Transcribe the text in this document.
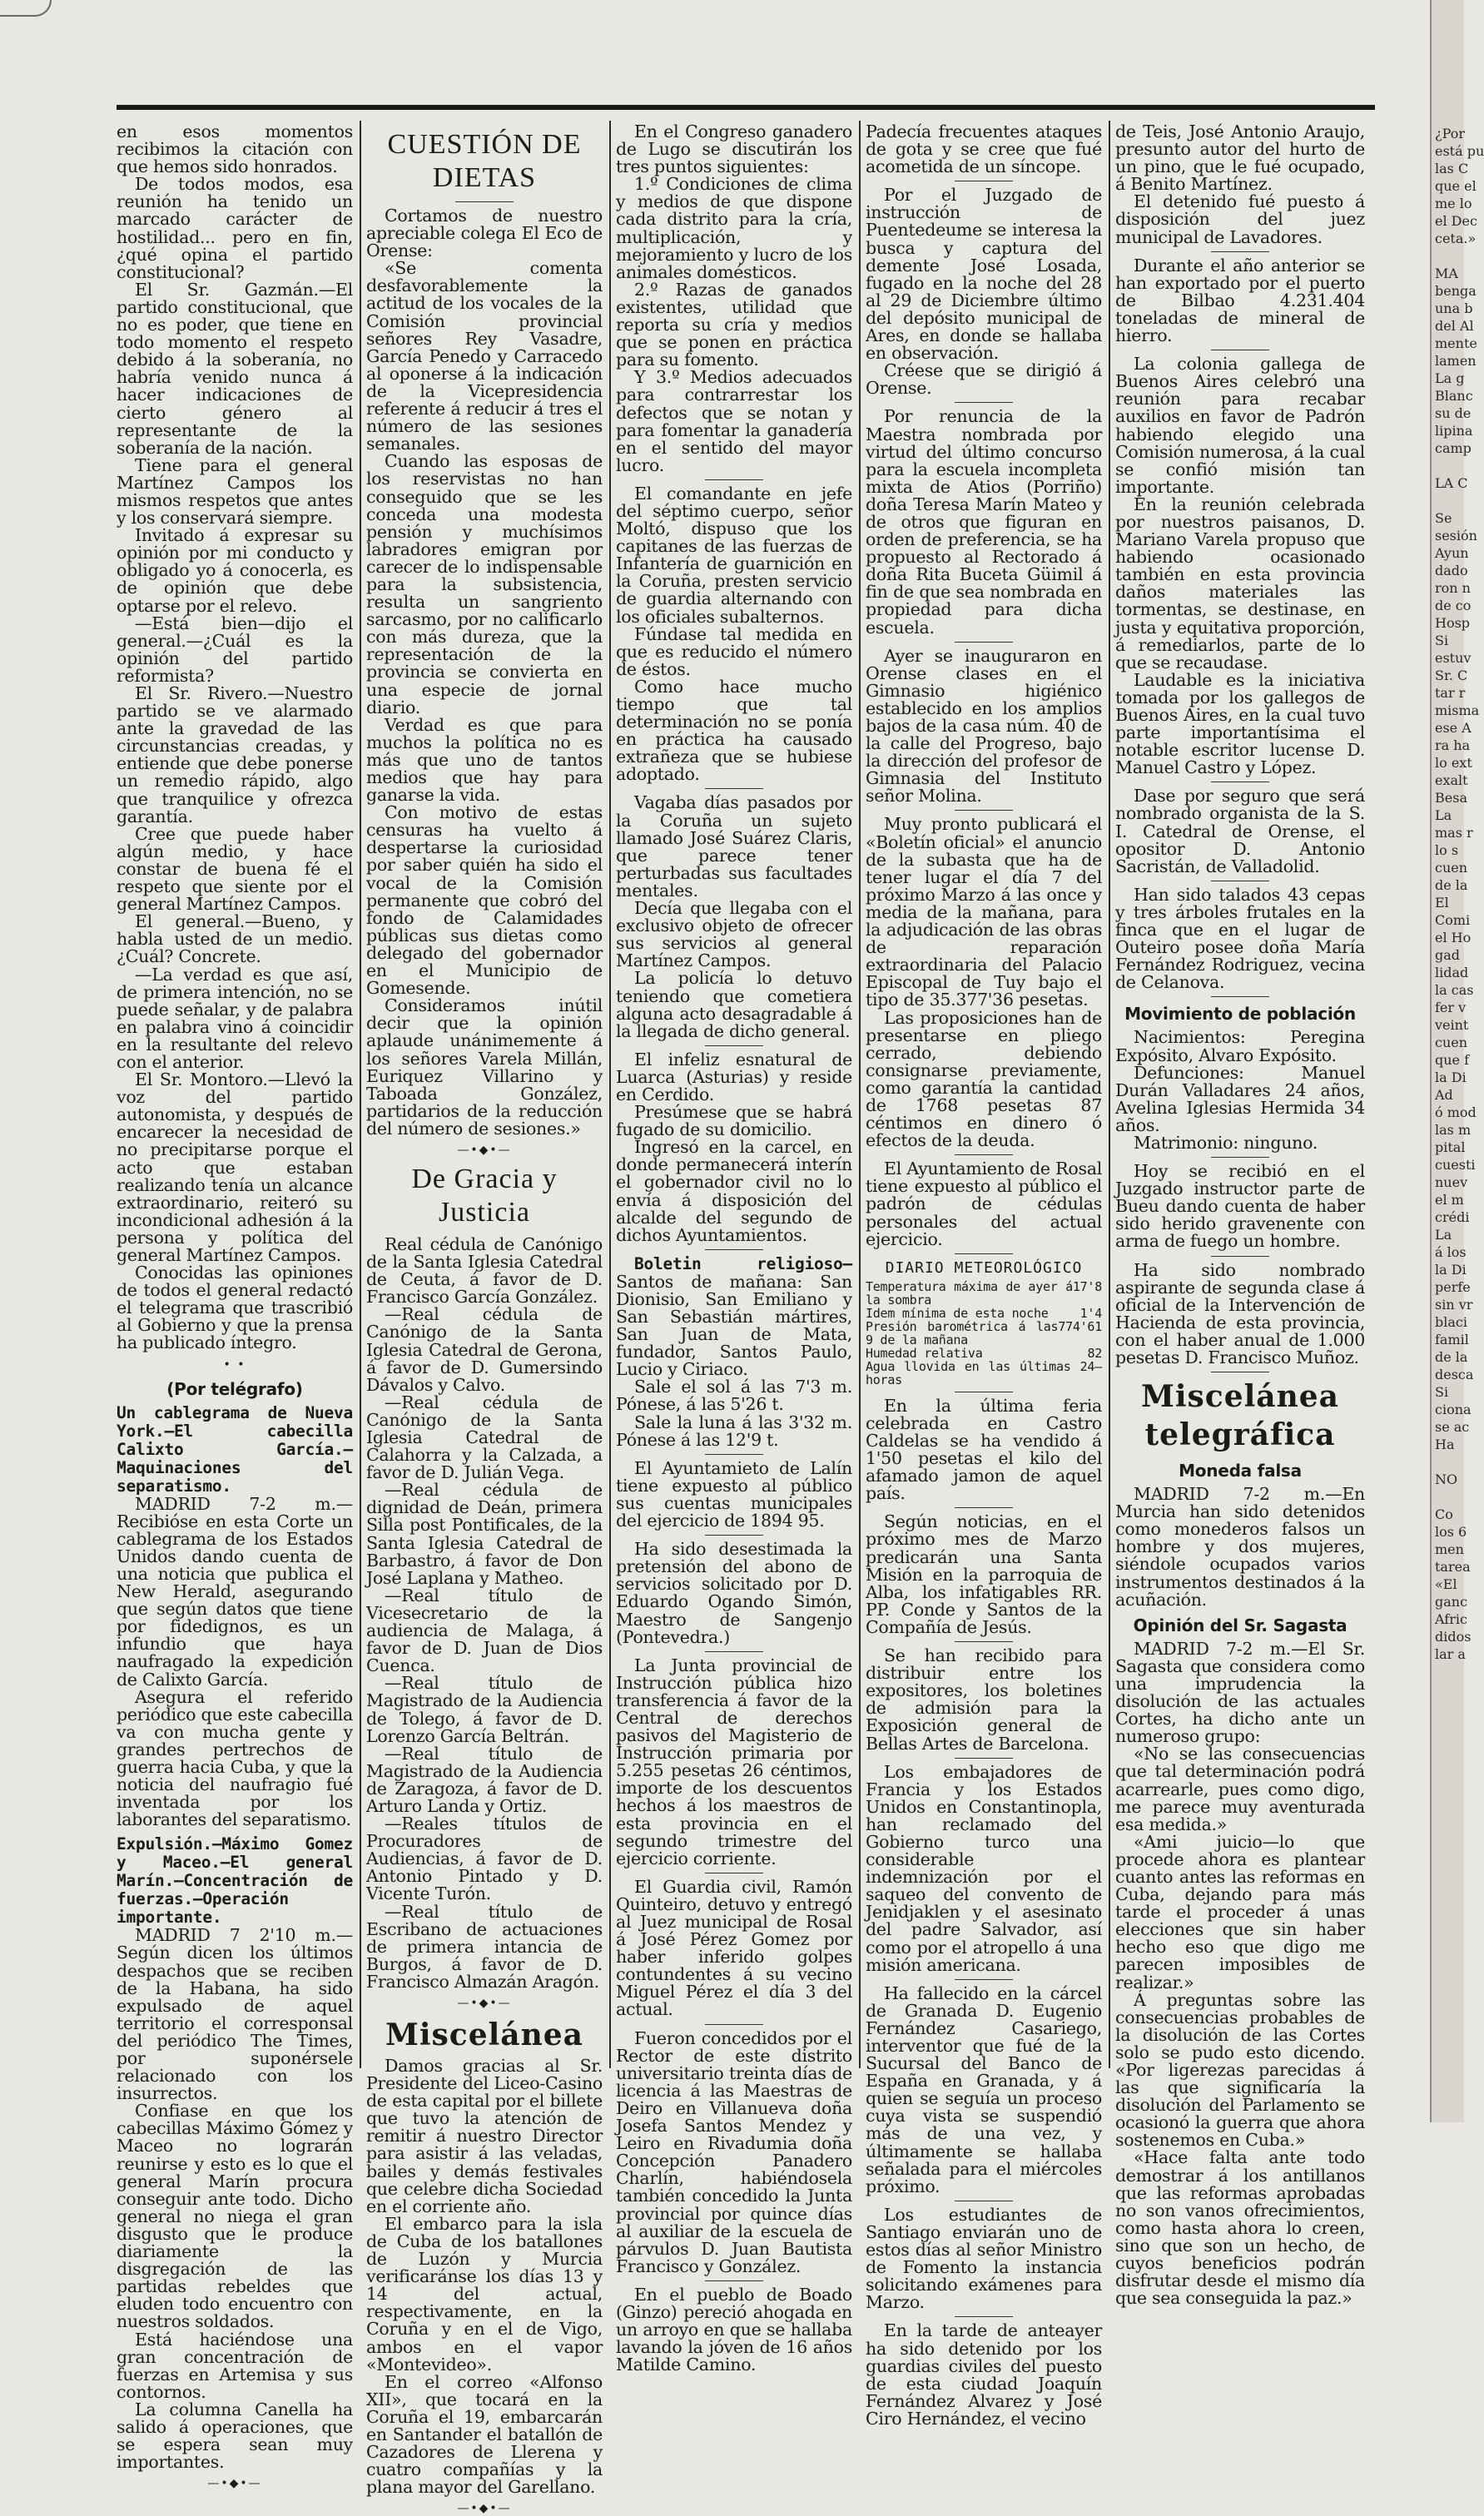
en esos momentos recibimos la citación con que hemos sido honrados.

De todos modos, esa reunión ha tenido un marcado carácter de hostilidad... pero en fin, ¿qué opina el partido constitucional?

El Sr. Gazmán.—El partido constitucional, que no es poder, que tiene en todo momento el respeto debido á la soberanía, no habría venido nunca á hacer indicaciones de cierto género al representante de la soberanía de la nación.

Tiene para el general Martínez Campos los mismos respetos que antes y los conservará siempre.

Invitado á expresar su opinión por mi conducto y obligado yo á conocerla, es de opinión que debe optarse por el relevo.

—Está bien—dijo el general.—¿Cuál es la opinión del partido reformista?

El Sr. Rivero.—Nuestro partido se ve alarmado ante la gravedad de las circunstancias creadas, y entiende que debe ponerse un remedio rápido, algo que tranquilice y ofrezca garantía.

Cree que puede haber algún medio, y hace constar de buena fé el respeto que siente por el general Martínez Campos.

El general.—Bueno, y habla usted de un medio. ¿Cuál? Concrete.

—La verdad es que así, de primera intención, no se puede señalar, y de palabra en palabra vino á coincidir en la resultante del relevo con el anterior.

El Sr. Montoro.—Llevó la voz del partido autonomista, y después de encarecer la necesidad de no precipitarse porque el acto que estaban realizando tenía un alcance extraordinario, reiteró su incondicional adhesión á la persona y política del general Martínez Campos.

Conocidas las opiniones de todos el general redactó el telegrama que trascribió al Gobierno y que la prensa ha publicado íntegro.

• •
(Por telégrafo)

Un cablegrama de Nueva York.—El cabecilla Calixto García.—Maquinaciones del separatismo.

MADRID 7-2 m.—Recibióse en esta Corte un cablegrama de los Estados Unidos dando cuenta de una noticia que publica el New Herald, asegurando que según datos que tiene por fidedignos, es un infundio que haya naufragado la expedición de Calixto García.

Asegura el referido periódico que este cabecilla va con mucha gente y grandes pertrechos de guerra hacia Cuba, y que la noticia del naufragio fué inventada por los laborantes del separatismo.

Expulsión.—Máximo Gomez y Maceo.—El general Marín.—Concentración de fuerzas.—Operación importante.

MADRID 7 2'10 m.—Según dicen los últimos despachos que se reciben de la Habana, ha sido expulsado de aquel territorio el corresponsal del periódico The Times, por suponérsele relacionado con los insurrectos.

Confiase en que los cabecillas Máximo Gómez y Maceo no lograrán reunirse y esto es lo que el general Marín procura conseguir ante todo. Dicho general no niega el gran disgusto que le produce diariamente la disgregación de las partidas rebeldes que eluden todo encuentro con nuestros soldados.

Está haciéndose una gran concentración de fuerzas en Artemisa y sus contornos.

La columna Canella ha salido á operaciones, que se espera sean muy importantes.

—•◆•—
CUESTIÓN DE DIETAS

Cortamos de nuestro apreciable colega El Eco de Orense:

«Se comenta desfavorablemente la actitud de los vocales de la Comisión provincial señores Rey Vasadre, García Penedo y Carracedo al oponerse á la indicación de la Vicepresidencia referente á reducir á tres el número de las sesiones semanales.

Cuando las esposas de los reservistas no han conseguido que se les conceda una modesta pensión y muchísimos labradores emigran por carecer de lo indispensable para la subsistencia, resulta un sangriento sarcasmo, por no calificarlo con más dureza, que la representación de la provincia se convierta en una especie de jornal diario.

Verdad es que para muchos la política no es más que uno de tantos medios que hay para ganarse la vida.

Con motivo de estas censuras ha vuelto á despertarse la curiosidad por saber quién ha sido el vocal de la Comisión permanente que cobró del fondo de Calamidades públicas sus dietas como delegado del gobernador en el Municipio de Gomesende.

Consideramos inútil decir que la opinión aplaude unánimemente á los señores Varela Millán, Euriquez Villarino y Taboada González, partidarios de la reducción del número de sesiones.»

—•◆•—
De Gracia y Justicia

Real cédula de Canónigo de la Santa Iglesia Catedral de Ceuta, á favor de D. Francisco García González.

—Real cédula de Canónigo de la Santa Iglesia Catedral de Gerona, á favor de D. Gumersindo Dávalos y Calvo.

—Real cédula de Canónigo de la Santa Iglesia Catedral de Calahorra y la Calzada, a favor de D. Julián Vega.

—Real cédula de dignidad de Deán, primera Silla post Pontificales, de la Santa Iglesia Catedral de Barbastro, á favor de Don José Laplana y Matheo.

—Real título de Vicesecretario de la audiencia de Malaga, á favor de D. Juan de Dios Cuenca.

—Real título de Magistrado de la Audiencia de Tolego, á favor de D. Lorenzo García Beltrán.

—Real título de Magistrado de la Audiencia de Zaragoza, á favor de D. Arturo Landa y Ortiz.

—Reales títulos de Procuradores de Audiencias, á favor de D. Antonio Pintado y D. Vicente Turón.

—Real título de Escribano de actuaciones de primera intancia de Burgos, á favor de D. Francisco Almazán Aragón.

—•◆•—
Miscelánea

Damos gracias al Sr. Presidente del Liceo-Casino de esta capital por el billete que tuvo la atención de remitir á nuestro Director para asistir á las veladas, bailes y demás festivales que celebre dicha Sociedad en el corriente año.

El embarco para la isla de Cuba de los batallones de Luzón y Murcia verificaránse los días 13 y 14 del actual, respectivamente, en la Coruña y en el de Vigo, ambos en el vapor «Montevideo».

En el correo «Alfonso XII», que tocará en la Coruña el 19, embarcarán en Santander el batallón de Cazadores de Llerena y cuatro compañías y la plana mayor del Garellano.

—•◆•—

En el Congreso ganadero de Lugo se discutirán los tres puntos siguientes:

1.º Condiciones de clima y medios de que dispone cada distrito para la cría, multiplicación, y mejoramiento y lucro de los animales domésticos.

2.º Razas de ganados existentes, utilidad que reporta su cría y medios que se ponen en práctica para su fomento.

Y 3.º Medios adecuados para contrarrestar los defectos que se notan y para fomentar la ganadería en el sentido del mayor lucro.

El comandante en jefe del séptimo cuerpo, señor Moltó, dispuso que los capitanes de las fuerzas de Infantería de guarnición en la Coruña, presten servicio de guardia alternando con los oficiales subalternos.

Fúndase tal medida en que es reducido el número de éstos.

Como hace mucho tiempo que tal determinación no se ponía en práctica ha causado extrañeza que se hubiese adoptado.

Vagaba días pasados por la Coruña un sujeto llamado José Suárez Claris, que parece tener perturbadas sus facultades mentales.

Decía que llegaba con el exclusivo objeto de ofrecer sus servicios al general Martínez Campos.

La policía lo detuvo teniendo que cometiera alguna acto desagradable á la llegada de dicho general.

El infeliz esnatural de Luarca (Asturias) y reside en Cerdido.

Presúmese que se habrá fugado de su domicilio.

Ingresó en la carcel, en donde permanecerá interín el gobernador civil no lo envía á disposición del alcalde del segundo de dichos Ayuntamientos.

Boletin religioso—Santos de mañana: San Dionisio, San Emiliano y San Sebastián mártires, San Juan de Mata, fundador, Santos Paulo, Lucio y Ciriaco.

Sale el sol á las 7'3 m. Pónese, á las 5'26 t.

Sale la luna á las 3'32 m. Pónese á las 12'9 t.

El Ayuntamieto de Lalín tiene expuesto al público sus cuentas municipales del ejercicio de 1894 95.

Ha sido desestimada la pretensión del abono de servicios solicitado por D. Eduardo Ogando Simón, Maestro de Sangenjo (Pontevedra.)

La Junta provincial de Instrucción pública hizo transferencia á favor de la Central de derechos pasivos del Magisterio de Instrucción primaria por 5.255 pesetas 26 céntimos, importe de los descuentos hechos á los maestros de esta provincia en el segundo trimestre del ejercicio corriente.

El Guardia civil, Ramón Quinteiro, detuvo y entregó al Juez municipal de Rosal á José Pérez Gomez por haber inferido golpes contundentes á su vecino Miguel Pérez el día 3 del actual.

Fueron concedidos por el Rector de este distrito universitario treinta días de licencia á las Maestras de Deiro en Villanueva doña Josefa Santos Mendez y Leiro en Rivadumia doña Concepción Panadero Charlín, habiéndosela también concedido la Junta provincial por quince días al auxiliar de la escuela de párvulos D. Juan Bautista Francisco y González.

En el pueblo de Boado (Ginzo) pereció ahogada en un arroyo en que se hallaba lavando la jóven de 16 años Matilde Camino.

Padecía frecuentes ataques de gota y se cree que fué acometida de un síncope.

Por el Juzgado de instrucción de Puentedeume se interesa la busca y captura del demente José Losada, fugado en la noche del 28 al 29 de Diciembre último del depósito municipal de Ares, en donde se hallaba en observación.

Créese que se dirigió á Orense.

Por renuncia de la Maestra nombrada por virtud del último concurso para la escuela incompleta mixta de Atios (Porriño) doña Teresa Marín Mateo y de otros que figuran en orden de preferencia, se ha propuesto al Rectorado á doña Rita Buceta Güimil á fin de que sea nombrada en propiedad para dicha escuela.

Ayer se inauguraron en Orense clases en el Gimnasio higiénico establecido en los amplios bajos de la casa núm. 40 de la calle del Progreso, bajo la dirección del profesor de Gimnasia del Instituto señor Molina.

Muy pronto publicará el «Boletín oficial» el anuncio de la subasta que ha de tener lugar el día 7 del próximo Marzo á las once y media de la mañana, para la adjudicación de las obras de reparación extraordinaria del Palacio Episcopal de Tuy bajo el tipo de 35.377'36 pesetas.

Las proposiciones han de presentarse en pliego cerrado, debiendo consignarse previamente, como garantía la cantidad de 1768 pesetas 87 céntimos en dinero ó efectos de la deuda.

El Ayuntamiento de Rosal tiene expuesto al público el padrón de cédulas personales del actual ejercicio.

DIARIO METEOROLÓGICO
Temperatura máxima de ayer á la sombra
17'8
Idem mínima de esta noche	1'4
Presión barométrica á las 9 de la mañana
774'61
Humedad relativa	82
Agua llovida en las últimas 24 horas
—

En la última feria celebrada en Castro Caldelas se ha vendido á 1'50 pesetas el kilo del afamado jamon de aquel país.

Según noticias, en el próximo mes de Marzo predicarán una Santa Misión en la parroquia de Alba, los infatigables RR. PP. Conde y Santos de la Compañía de Jesús.

Se han recibido para distribuir entre los expositores, los boletines de admisión para la Exposición general de Bellas Artes de Barcelona.

Los embajadores de Francia y los Estados Unidos en Constantinopla, han reclamado del Gobierno turco una considerable indemnización por el saqueo del convento de Jenidjaklen y el asesinato del padre Salvador, así como por el atropello á una misión americana.

Ha fallecido en la cárcel de Granada D. Eugenio Fernández Casariego, interventor que fué de la Sucursal del Banco de España en Granada, y á quien se seguía un proceso cuya vista se suspendió más de una vez, y últimamente se hallaba señalada para el miércoles próximo.

Los estudiantes de Santiago enviarán uno de estos días al señor Ministro de Fomento la instancia solicitando exámenes para Marzo.

En la tarde de anteayer ha sido detenido por los guardias civiles del puesto de esta ciudad Joaquín Fernández Alvarez y José Ciro Hernández, el vecino

de Teis, José Antonio Araujo, presunto autor del hurto de un pino, que le fué ocupado, á Benito Martínez.

El detenido fué puesto á disposición del juez municipal de Lavadores.

Durante el año anterior se han exportado por el puerto de Bilbao 4.231.404 toneladas de mineral de hierro.

La colonia gallega de Buenos Aires celebró una reunión para recabar auxilios en favor de Padrón habiendo elegido una Comisión numerosa, á la cual se confió misión tan importante.

En la reunión celebrada por nuestros paisanos, D. Mariano Varela propuso que habiendo ocasionado también en esta provincia daños materiales las tormentas, se destinase, en justa y equitativa proporción, á remediarlos, parte de lo que se recaudase.

Laudable es la iniciativa tomada por los gallegos de Buenos Aires, en la cual tuvo parte importantísima el notable escritor lucense D. Manuel Castro y López.

Dase por seguro que será nombrado organista de la S. I. Catedral de Orense, el opositor D. Antonio Sacristán, de Valladolid.

Han sido talados 43 cepas y tres árboles frutales en la finca que en el lugar de Outeiro posee doña María Fernández Rodriguez, vecina de Celanova.

Movimiento de población

Nacimientos: Peregina Expósito, Alvaro Expósito.

Defunciones: Manuel Durán Valladares 24 años, Avelina Iglesias Hermida 34 años.

Matrimonio: ninguno.

Hoy se recibió en el Juzgado instructor parte de Bueu dando cuenta de haber sido herido gravenente con arma de fuego un hombre.

Ha sido nombrado aspirante de segunda clase á oficial de la Intervención de Hacienda de esta provincia, con el haber anual de 1.000 pesetas D. Francisco Muñoz.

Miscelánea telegráfica
Moneda falsa

MADRID 7-2 m.—En Murcia han sido detenidos como monederos falsos un hombre y dos mujeres, siéndole ocupados varios instrumentos destinados á la acuñación.

Opinión del Sr. Sagasta

MADRID 7-2 m.—El Sr. Sagasta que considera como una imprudencia la disolución de las actuales Cortes, ha dicho ante un numeroso grupo:

«No se las consecuencias que tal determinación podrá acarrearle, pues como digo, me parece muy aventurada esa medida.»

«Ami juicio—lo que procede ahora es plantear cuanto antes las reformas en Cuba, dejando para más tarde el proceder á unas elecciones que sin haber hecho eso que digo me parecen imposibles de realizar.»

Á preguntas sobre las consecuencias probables de la disolución de las Cortes solo se pudo esto dicendo. «Por ligerezas parecidas á las que significaría la disolución del Parlamento se ocasionó la guerra que ahora sostenemos en Cuba.»

«Hace falta ante todo demostrar á los antillanos que las reformas aprobadas no son vanos ofrecimientos, como hasta ahora lo creen, sino que son un hecho, de cuyos beneficios podrán disfrutar desde el mismo día que sea conseguida la paz.»

¿Por
está pu
las C
que el
me lo
el Dec
ceta.»
MA
benga
una b
del Al
mente
lamen
La g
Blanc
su de
lipina
camp
LA C
Se
sesión
Ayun
dado
ron n
de co
Hosp
Si
estuv
Sr. C
tar r
misma
ese A
ra ha
lo ext
exalt
Besa
La
mas r
lo s
cuen
de la
El
Comi
el Ho
gad
lidad
la cas
fer v
veint
cuen
que f
la Di
Ad
ó mod
las m
pital
cuesti
nuev
el m
crédi
La
á los
la Di
perfe
sin vr
blaci
famil
de la
desca
Si
ciona
se ac
Ha
NO
Co
los 6
men
tarea
«El
ganc
Afric
didos
lar a
